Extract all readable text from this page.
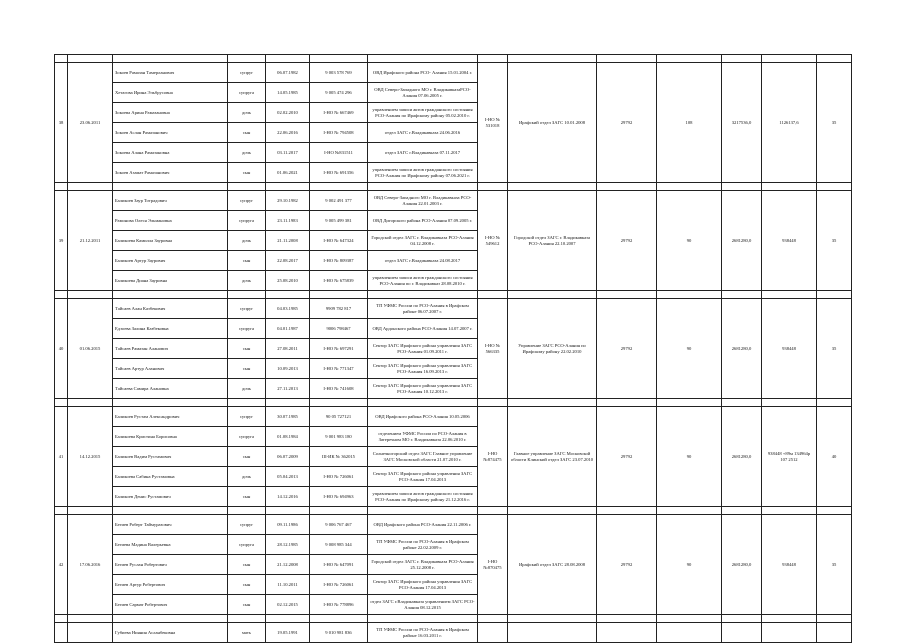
38	23.06.2011	Зокоев Рамазан Тамерланович	супруг	06.07.1982	9 003 578 769	ОВД Ирафского района РСО- Алания 15.01.2004 г.	I-НО № 531018	Ирафский отдел ЗАГС 10.01.2008	29792	108	3217536,0	1126137,6	35
		Хетагова Ирина Эльбрусовна	супруга	14.05.1985	9 005 474 296	ОВД Северо-Западного МО г. ВладикавказаРСО-Алания 07.06.2005 г.							
		Зокоева Арина Рамазановна	дочь	02.02.2010	I-НО № 667469	управлением записи актов гражданского состояния РСО-Алания по Ирафскому району 05.02.2010 г.							
		Зокоев Аслан Рамазанович	сын	22.06.2016	I-НО № 794508	отдел ЗАГС г.Владикавказа 24.06.2016							
		Зокоева Алана Рамазановна	дочь	03.11.2017	I-НО №831511	отдел ЗАГС г.Владикавказа 07.11.2017							
		Зокоев Азамат Рамазанович	сын	01.06.2021	I-НО № 691356	управлением записи актов гражданского состояния РСО-Алания по Ирафскому району 07.06.2021 г.							

39	21.12.2011	Баликоев Заур Тотрадович	супруг	29.10.1982	9 002 491 377	ОВД Северо-Западного МО г. Владикавказа РСО-Алания 22.01.2003 г.	I-НО № 549612	Городской отдел ЗАГС г. Владикавказа РСО-Алания 22.10.2007	29792	90	2681280,0	938448	35
		Рамонова Олеся Эльмановна	супруга	23.11.1983	9 005 499 381	ОВД Дигорского района РСО-Алания 07.09.2005 г.							
		Баликоева Камилла Зауровна	дочь	21.11.2008	I-НО № 647324	Городской отдел ЗАГС г. Владикавказа РСО-Алания 04.12.2008 г.							
		Баликоев Артур Заурович	сын	22.08.2017	I-НО № 809387	отдел ЗАГС г.Владикавказа 24.08.2017							
		Баликоева Диана Зауровна	дочь	25.08.2010	I-НО № 675839	управлением записи актов гражданского состояния РСО-Алания по г. Владикавказ 28.08.2010 г.							

40	01.06.2015	Тайсаев Алан Казбекович	супруг	04.03.1985	9909 782 817	ТП УФМС России по РСО-Алания в Ирафском районе 06.07.2007 г.	I-НО № 566335	Управление ЗАГС РСО-Алания по Ирафскому району 22.02.2010	29792	90	2681280,0	938448	35
		Едзоева Залина Казбековна	супруга	04.01.1987	9006 798467	ОВД Ардонского района РСО-Алания 14.07.2007 г.							
		Тайсаев Рамазан Аланович	сын	27.08.2011	I-НО № 697291	Сектор ЗАГС Ирафского района управления ЗАГС РСО-Алания 01.09.2011 г.							
		Тайсаев Артур Аланович	сын	10.09.2013	I-НО № 771347	Сектор ЗАГС Ирафского района управления ЗАГС РСО-Алания 16.09.2013 г.							
		Тайсаева Самира Алановна	дочь	27.11.2013	I-НО № 741608	Сектор ЗАГС Ирафского района управления ЗАГС РСО-Алания 10.12.2013 г.							

41	14.12.2015	Баликоев Рустам Александрович	супруг	30.07.1985	90 05 727121	ОВД Ирафского района РСО-Алания 10.05.2006	I-НО №874475	Главное управление ЗАГС Московской области Клинский отдел ЗАГС 23.07.2010	29792	90	2681280,0	938448 +89м 134964р 107 2512	40
		Баликоева Кристина Борисовна	супруга	01.08.1984	9 001 983 180	отделением УФМС России по РСО-Алания в Затеречном МО г. Владикавказа 22.06.2010 г.							
		Баликоев Вадим Рустамович	сын	06.07.2009	III-ИК № 362015	Солнечногорский отдел ЗАГС Главное управление ЗАГС Московской области 21.07.2010 г.							
		Баликоева Сабина Рустамовна	дочь	05.04.2013	I-НО № 726061	Сектор ЗАГС Ирафского района управления ЗАГС РСО-Алания 17.04.2013							
		Баликоев Денис Рустамович	сын	14.12.2016	I-НО № 694963	управлением записи актов гражданского состояния РСО-Алания по Ирафскому району 21.12.2016 г.							

42	17.06.2016	Бегиев Роберт Таймуразович	супруг	09.11.1986	9 006 767 467	ОВД Ирафского района РСО-Алания 22.11.2006 г.	I-НО №870475	Ирафский отдел ЗАГС 28.08.2008	29792	90	2681280,0	938448	35
		Бегиева Мадина Валерьевна	супруга	28.12.1985	9 008 985 344	ТП УФМС России по РСО-Алания в Ирафском районе 22.02.2009 г.							
		Бегиев Руслан Робертович	сын	21.12.2008	I-НО № 647091	Городской отдел ЗАГС г. Владикавказа РСО-Алания 25.12.2008 г.							
		Бегиев Артур Робертович	сын	11.10.2011	I-НО № 726061	Сектор ЗАГС Ирафского района управления ЗАГС РСО-Алания 17.04.2013							
		Бегиев Сармат Робертович	сын	02.12.2015	I-НО № 778896	отдел ЗАГС г.Владикавказа управлением ЗАГС РСО-Алания 08.12.2015							

		Губиева Нияния Асланбековна	мать	19.05.1991	9 010 981 836	ТП УФМС России по РСО-Алания в Ирафском районе 16.03.2011 г.							
